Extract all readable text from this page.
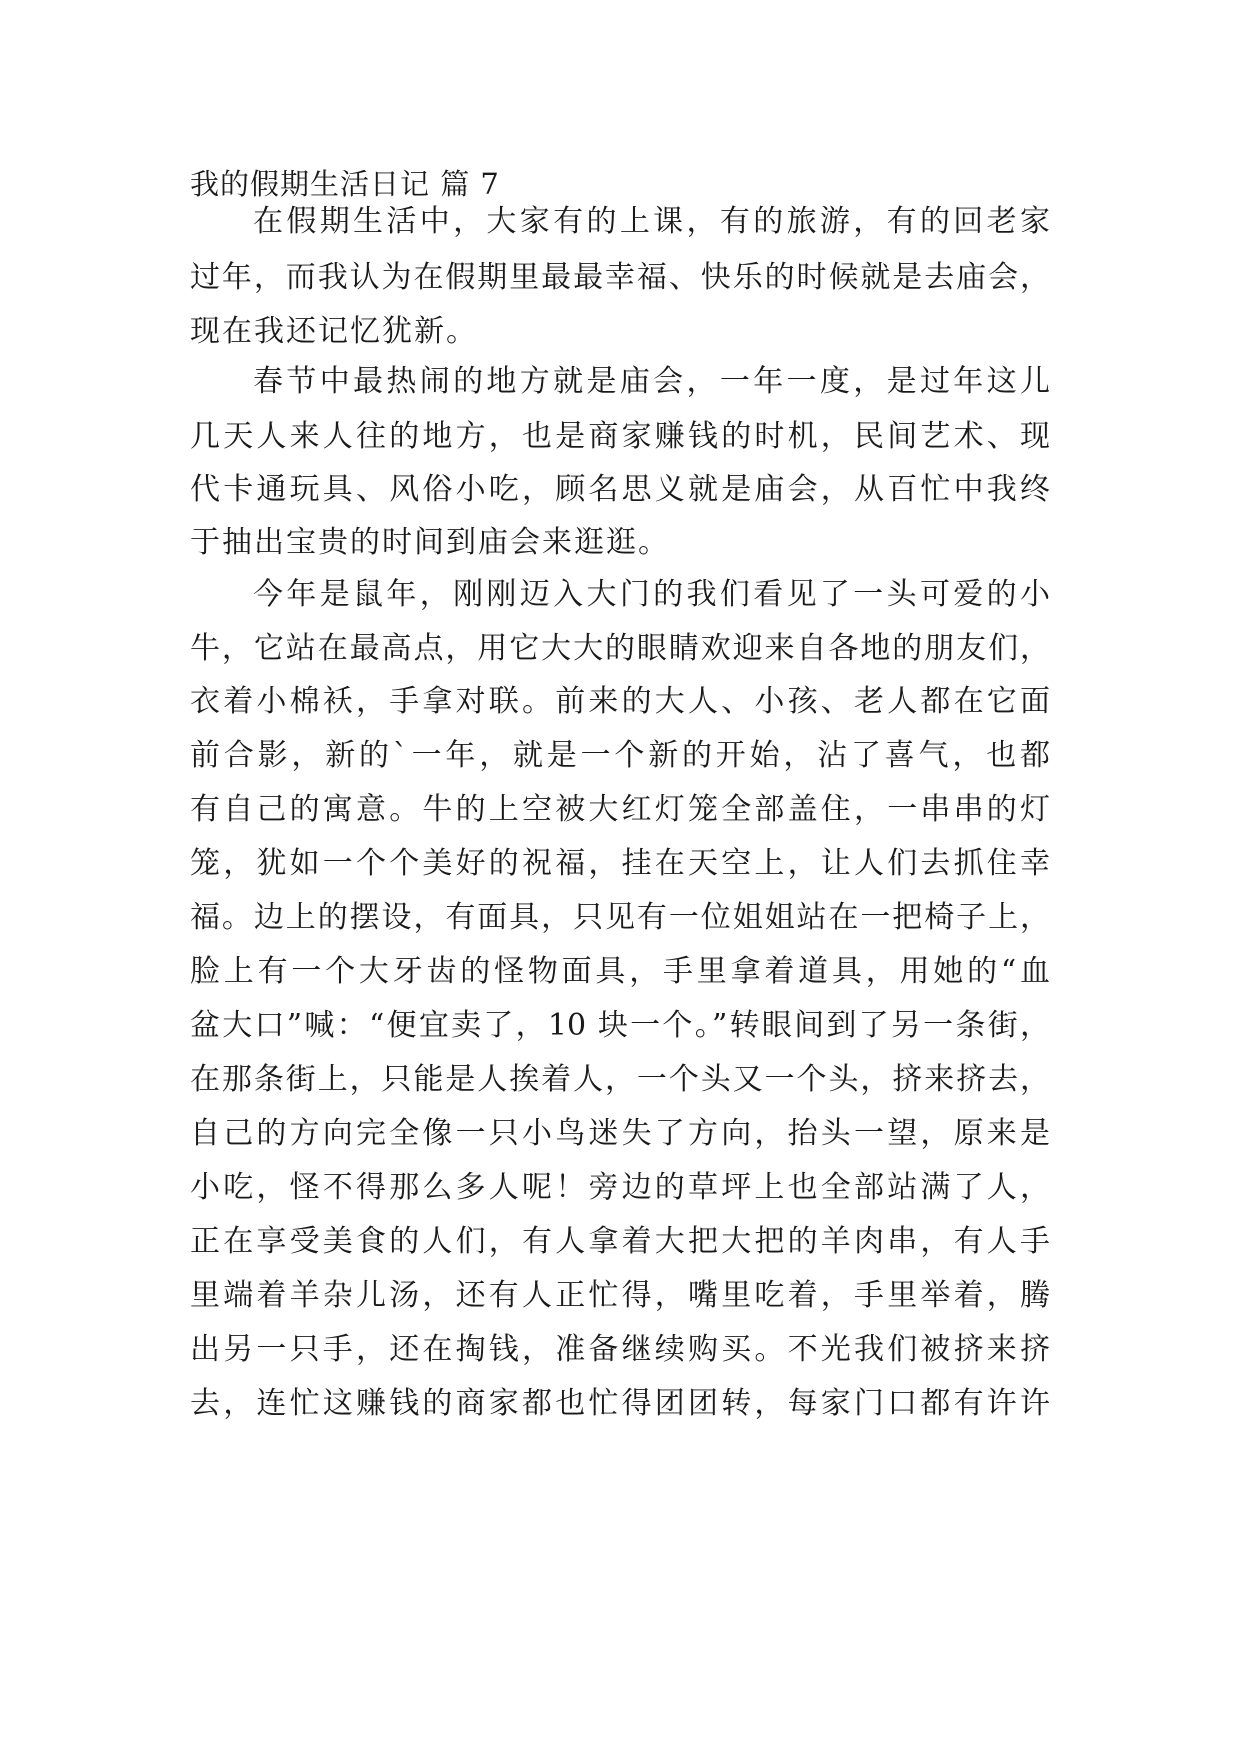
我的假期生活日记 篇 7
在假期生活中，大家有的上课，有的旅游，有的回老家
过年，而我认为在假期里最最幸福、快乐的时候就是去庙会，
现在我还记忆犹新。
春节中最热闹的地方就是庙会，一年一度，是过年这儿
几天人来人往的地方，也是商家赚钱的时机，民间艺术、现
代卡通玩具、风俗小吃，顾名思义就是庙会，从百忙中我终
于抽出宝贵的时间到庙会来逛逛。
今年是鼠年，刚刚迈入大门的我们看见了一头可爱的小
牛，它站在最高点，用它大大的眼睛欢迎来自各地的朋友们，
衣着小棉袄，手拿对联。前来的大人、小孩、老人都在它面
前合影，新的`一年，就是一个新的开始，沾了喜气，也都
有自己的寓意。牛的上空被大红灯笼全部盖住，一串串的灯
笼，犹如一个个美好的祝福，挂在天空上，让人们去抓住幸
福。边上的摆设，有面具，只见有一位姐姐站在一把椅子上，
脸上有一个大牙齿的怪物面具，手里拿着道具，用她的“血
盆大口”喊：“便宜卖了，10 块一个。”转眼间到了另一条街，
在那条街上，只能是人挨着人，一个头又一个头，挤来挤去，
自己的方向完全像一只小鸟迷失了方向，抬头一望，原来是
小吃，怪不得那么多人呢！旁边的草坪上也全部站满了人，
正在享受美食的人们，有人拿着大把大把的羊肉串，有人手
里端着羊杂儿汤，还有人正忙得，嘴里吃着，手里举着，腾
出另一只手，还在掏钱，准备继续购买。不光我们被挤来挤
去，连忙这赚钱的商家都也忙得团团转，每家门口都有许许
